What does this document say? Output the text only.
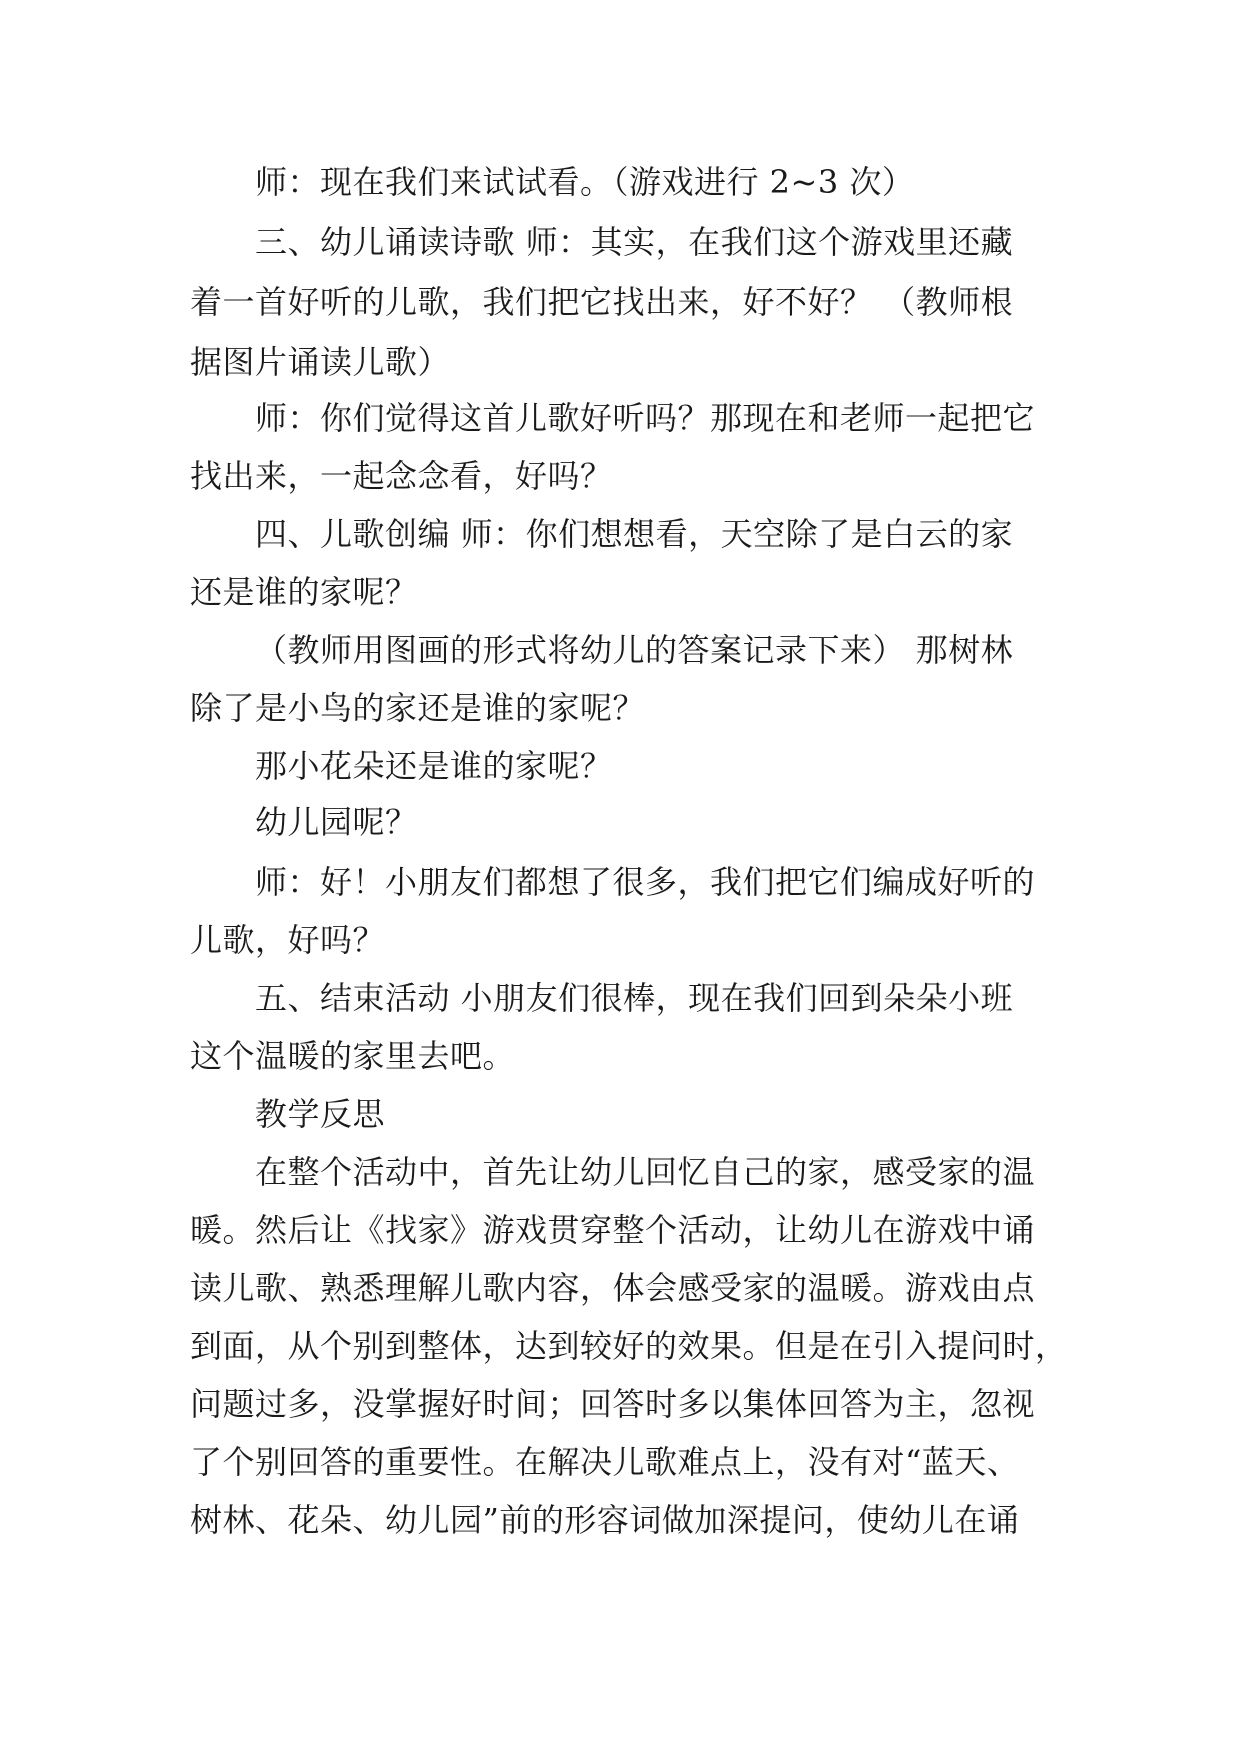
师：现在我们来试试看。（游戏进行 2~3 次）
三、幼儿诵读诗歌 师：其实，在我们这个游戏里还藏
着一首好听的儿歌，我们把它找出来，好不好？ （教师根
据图片诵读儿歌）
师：你们觉得这首儿歌好听吗？那现在和老师一起把它
找出来，一起念念看，好吗？
四、儿歌创编 师：你们想想看，天空除了是白云的家
还是谁的家呢？
（教师用图画的形式将幼儿的答案记录下来） 那树林
除了是小鸟的家还是谁的家呢？
那小花朵还是谁的家呢？
幼儿园呢？
师：好！小朋友们都想了很多，我们把它们编成好听的
儿歌，好吗？
五、结束活动 小朋友们很棒，现在我们回到朵朵小班
这个温暖的家里去吧。
教学反思
在整个活动中，首先让幼儿回忆自己的家，感受家的温
暖。然后让《找家》游戏贯穿整个活动，让幼儿在游戏中诵
读儿歌、熟悉理解儿歌内容，体会感受家的温暖。游戏由点
到面，从个别到整体，达到较好的效果。但是在引入提问时，
问题过多，没掌握好时间；回答时多以集体回答为主，忽视
了个别回答的重要性。在解决儿歌难点上，没有对“蓝天、
树林、花朵、幼儿园”前的形容词做加深提问，使幼儿在诵
